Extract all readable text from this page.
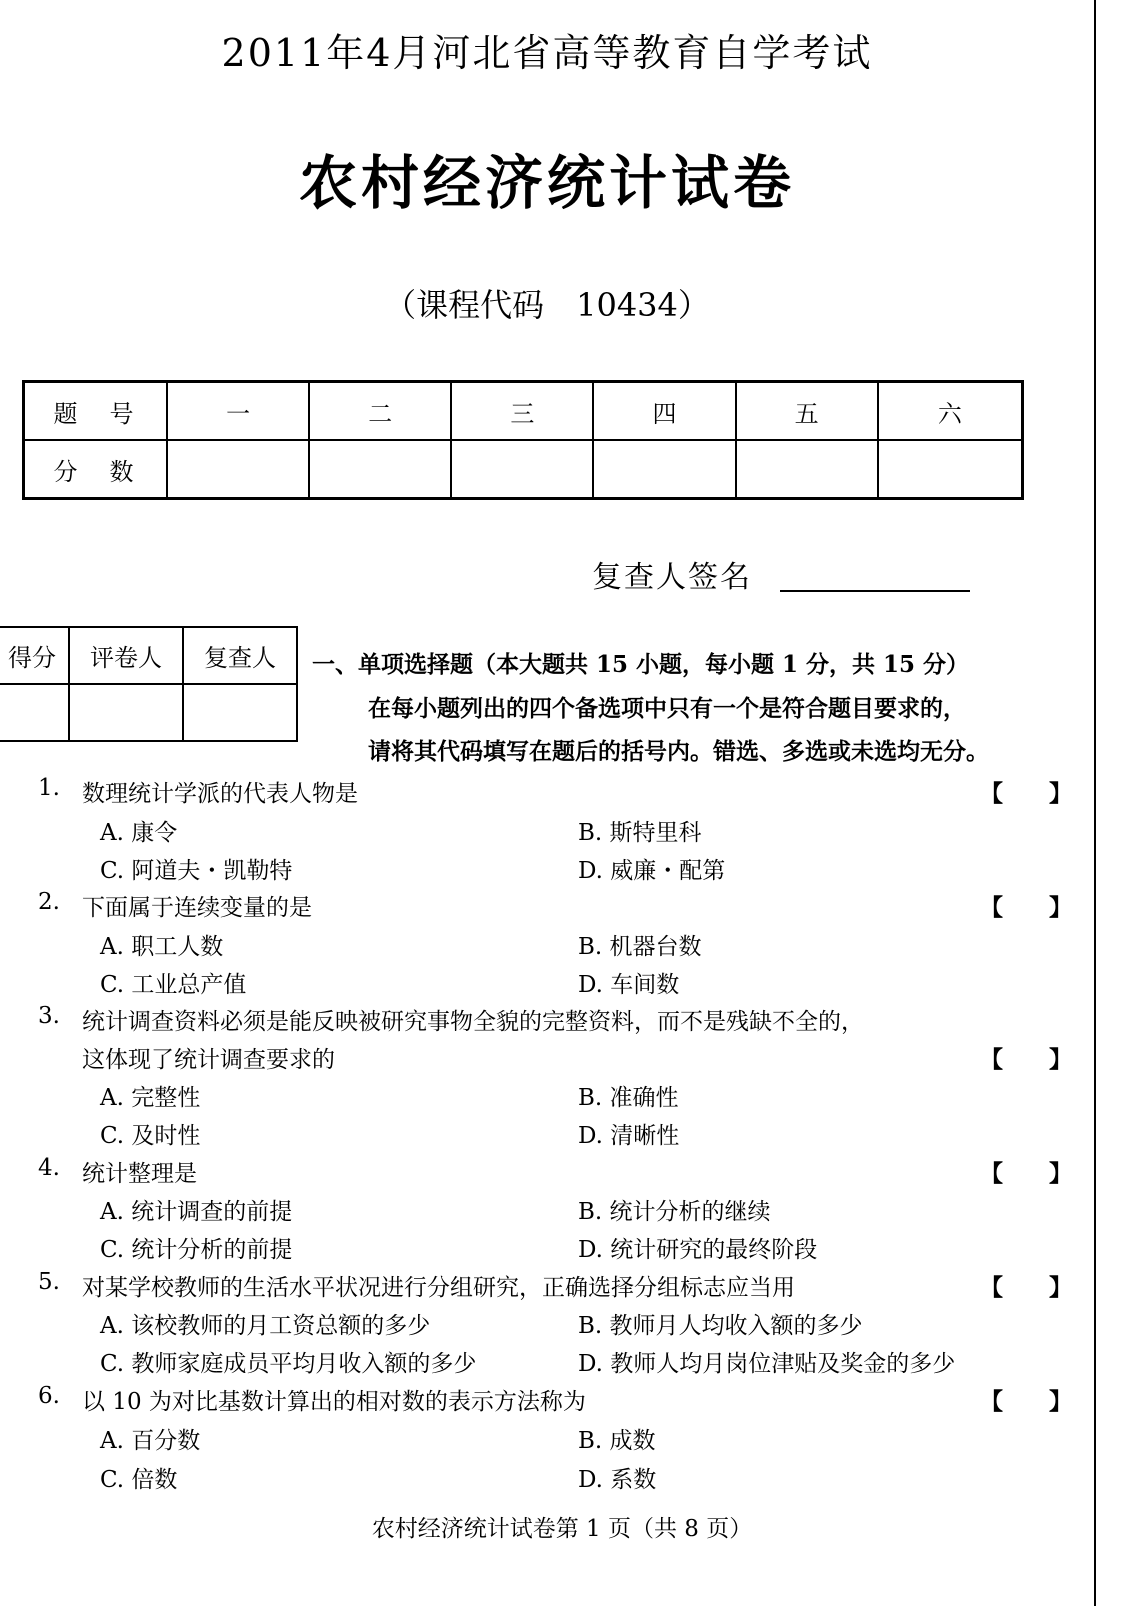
2011年4月河北省高等教育自学考试
农村经济统计试卷
（课程代码　10434）
题　号	一	二	三	四	五	六
分　数						
复查人签名
得分	评卷人	复查人
		一、单项选择题（本大题共 15 小题，每小题 1 分，共 15 分）
在每小题列出的四个备选项中只有一个是符合题目要求的，
请将其代码填写在题后的括号内。错选、多选或未选均无分。
1. 数理统计学派的代表人物是	【 】
A. 康令	B. 斯特里科
C. 阿道夫・凯勒特	D. 威廉・配第
2. 下面属于连续变量的是	【 】
A. 职工人数	B. 机器台数
C. 工业总产值	D. 车间数
3. 统计调查资料必须是能反映被研究事物全貌的完整资料，而不是残缺不全的，
这体现了统计调查要求的	【 】
A. 完整性	B. 准确性
C. 及时性	D. 清晰性
4. 统计整理是	【 】
A. 统计调查的前提	B. 统计分析的继续
C. 统计分析的前提	D. 统计研究的最终阶段
5. 对某学校教师的生活水平状况进行分组研究，正确选择分组标志应当用	【 】
A. 该校教师的月工资总额的多少	B. 教师月人均收入额的多少
C. 教师家庭成员平均月收入额的多少	D. 教师人均月岗位津贴及奖金的多少
6. 以 10 为对比基数计算出的相对数的表示方法称为	【 】
A. 百分数	B. 成数
C. 倍数	D. 系数
农村经济统计试卷第 1 页（共 8 页）
